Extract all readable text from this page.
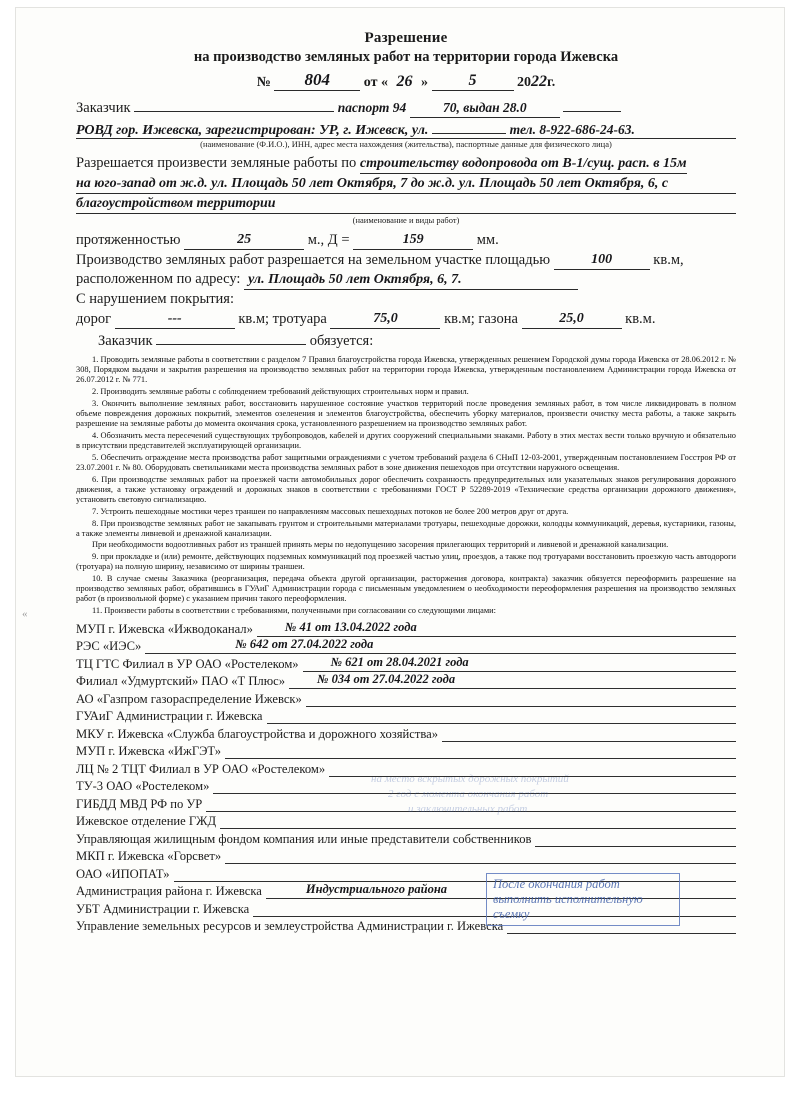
«
Разрешение
на производство земляных работ на территории города Ижевска
№ 804 от « 26 »	5	2022г.
Заказчик	паспорт 94	70, выдан 28.0
РОВД гор. Ижевска, зарегистрирован: УР, г. Ижевск, ул.	тел. 8-922-686-24-63.
(наименование (Ф.И.О.), ИНН, адрес места нахождения (жительства), паспортные данные для физического лица)
Разрешается произвести земляные работы по строительству водопровода от В-1/сущ. расп. в 15м
на юго-запад от ж.д. ул. Площадь 50 лет Октября, 7 до ж.д. ул. Площадь 50 лет Октября, 6, с
благоустройством территории
(наименование и виды работ)
протяженностью	25	м., Д =	159	мм.
Производство земляных работ разрешается на земельном участке площадью	100	кв.м,
расположенном по адресу: ул. Площадь 50 лет Октября, 6, 7.
С нарушением покрытия:
дорог	---	кв.м; тротуара	75,0	кв.м; газона	25,0	кв.м.
Заказчик	обязуется:

1. Проводить земляные работы в соответствии с разделом 7 Правил благоустройства города Ижевска, утвержденных решением Городской думы города Ижевска от 28.06.2012 г. № 308, Порядком выдачи и закрытия разрешения на производство земляных работ на территории города Ижевска, утвержденным постановлением Администрации города Ижевска от 26.07.2012 г. № 771.

2. Производить земляные работы с соблюдением требований действующих строительных норм и правил.

3. Окончить выполнение земляных работ, восстановить нарушенное состояние участков территорий после проведения земляных работ, в том числе ликвидировать в полном объеме повреждения дорожных покрытий, элементов озеленения и элементов благоустройства, обеспечить уборку материалов, произвести очистку места работы, а также закрыть разрешение на земляные работы до момента окончания срока, установленного разрешением на производство земляных работ.

4. Обозначить места пересечений существующих трубопроводов, кабелей и других сооружений специальными знаками. Работу в этих местах вести только вручную и обязательно в присутствии представителей эксплуатирующей организации.

5. Обеспечить ограждение места производства работ защитными ограждениями с учетом требований раздела 6 СНиП 12-03-2001, утвержденным постановлением Госстроя РФ от 23.07.2001 г. № 80. Оборудовать светильниками места производства земляных работ в зоне движения пешеходов при отсутствии наружного освещения.

6. При производстве земляных работ на проезжей части автомобильных дорог обеспечить сохранность предупредительных или указательных знаков регулирования дорожного движения, а также установку ограждений и дорожных знаков в соответствии с требованиями ГОСТ Р 52289-2019 «Технические средства организации дорожного движения», установить световую сигнализацию.

7. Устроить пешеходные мостики через траншеи по направлениям массовых пешеходных потоков не более 200 метров друг от друга.

8. При производстве земляных работ не закапывать грунтом и строительными материалами тротуары, пешеходные дорожки, колодцы коммуникаций, деревья, кустарники, газоны, а также элементы ливневой и дренажной канализации.

При необходимости водоотливных работ из траншей принять меры по недопущению засорения прилегающих территорий и ливневой и дренажной канализации.

9. при прокладке и (или) ремонте, действующих подземных коммуникаций под проезжей частью улиц, проездов, а также под тротуарами восстановить проезжую часть автодороги (тротуара) на полную ширину, независимо от ширины траншеи.

10. В случае смены Заказчика (реорганизация, передача объекта другой организации, расторжения договора, контракта) заказчик обязуется переоформить разрешение на производство земляных работ, обратившись в ГУАиГ Администрации города с письменным уведомлением о необходимости переоформления разрешения на производство земляных работ (в произвольной форме) с указанием причин такого переоформления.

11. Произвести работы в соответствии с требованиями, полученными при согласовании со следующими лицами:

МУП г. Ижевска «Ижводоканал»	№ 41 от 13.04.2022 года
РЭС «ИЭС»	№ 642 от 27.04.2022 года
ТЦ ГТС Филиал в УР ОАО «Ростелеком»	№ 621 от 28.04.2021 года
Филиал «Удмуртский» ПАО «Т Плюс»	№ 034 от 27.04.2022 года
АО «Газпром газораспределение Ижевск»
ГУАиГ Администрации г. Ижевска
МКУ г. Ижевска «Служба благоустройства и дорожного хозяйства»
МУП г. Ижевска «ИжГЭТ»
ЛЦ № 2 ТЦТ Филиал в УР ОАО «Ростелеком»
ТУ-3 ОАО «Ростелеком»
ГИБДД МВД РФ по УР
Ижевское отделение ГЖД
Управляющая жилищным фондом компания или иные представители собственников
МКП г. Ижевска «Горсвет»
ОАО «ИПОПАТ»
Администрация района г. Ижевска	Индустриального района
УБТ Администрации г. Ижевска
Управление земельных ресурсов и землеустройства Администрации г. Ижевска
на место вскрытых дорожных покрытий
2 год с момента окончания работ
и заключительных работ
После окончания работ
выполнить исполнительную
съемку
